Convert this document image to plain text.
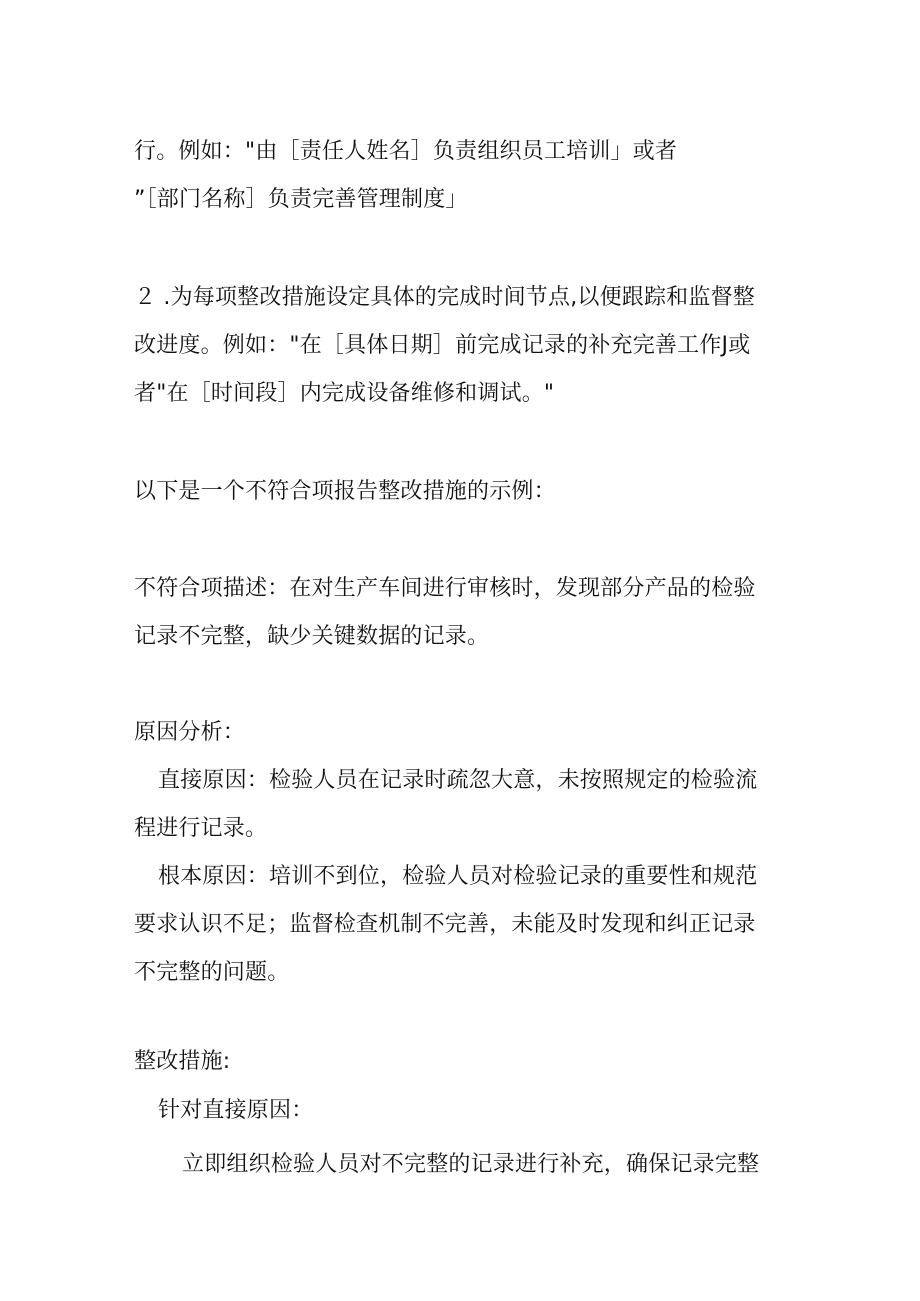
行。例如："由［责任人姓名］负责组织员工培训」或者
”［部门名称］负责完善管理制度」
２ .为每项整改措施设定具体的完成时间节点,以便跟踪和监督整
改进度。例如："在［具体日期］前完成记录的补充完善工作J或
者"在［时间段］内完成设备维修和调试。"
以下是一个不符合项报告整改措施的示例：
不符合项描述：在对生产车间进行审核时，发现部分产品的检验
记录不完整，缺少关键数据的记录。
原因分析：
直接原因：检验人员在记录时疏忽大意，未按照规定的检验流
程进行记录。
根本原因：培训不到位，检验人员对检验记录的重要性和规范
要求认识不足；监督检查机制不完善，未能及时发现和纠正记录
不完整的问题。
整改措施:
针对直接原因：
立即组织检验人员对不完整的记录进行补充，确保记录完整
